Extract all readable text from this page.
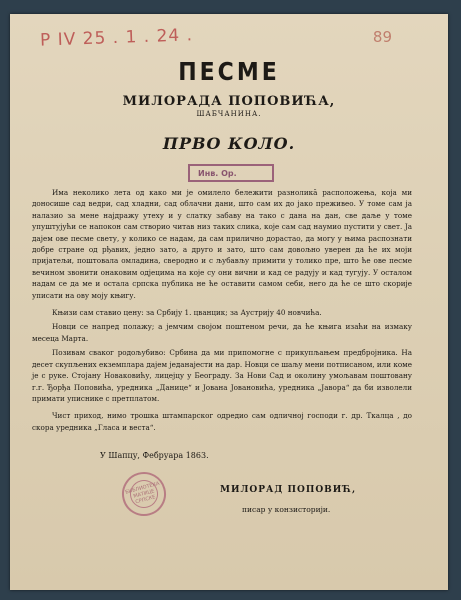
P IV 25 . 1 . 24 .	89
ПЕСМЕ
МИЛОРАДА ПОПОВИЋА,
ШАБЧАНИНА.
ПРВО КОЛО.
Инв. Ор.

Има неколико лета од како ми је омилело бележити разноликā расположења, која ми доносише сад ведри, сад хладни, сад облачни дани, што сам их до јако преживео. У томе сам ја налазио за мене најдражу утеху и у слатку забаву на тако с дана на дан, све даље у томе упуштујући се напокон сам створио читав низ таких слика, које сам сад наумио пустити у свет. Ја дајем ове песме свету, у колико се надам, да сам прилично дорастао, да могу у њима распознати добре стране од рђавих, једно зато, а друго и зато, што сам довољно уверен да ће их моји пријатељи, поштовала омладина, сверодно и с љубављу примити у толико пре, што ће ове песме вечином звонити онаковим одјецима на које су они вични и кад се радују и кад тугују. У осталом надам се да ме и остала српска публика не ће оставити самом себи, него да ће се што скорије уписати на ову моју књигу.

Књизи сам ставио цену: за Србију 1. цванцик; за Аустрију 40 новчића.

Новци се напред полажу; а јемчим својом поштеном речи, да ће књига изаћи на измаку месеца Марта.

Позивам сваког родољубиво: Србина да ми припомогне с прикупљањем предбројника. На десет скупљених екземплара дајем једанајести на дар. Новци се шаљу мени потписаном, или коме је с руке. Стојану Новаковићу, лицејцу у Београду. За Нови Сад и околину умољавам поштовану г.г. Ђорђа Поповића, уредника „Данице“ и Јована Јовановића, уредника „Јавора“ да би изволели примати уписнике с претплатом.

Чист приход, нимо трошка штампарског одредио сам одличној господи г. др. Ткалца , до скора уредника „Гласа и веста“.

У Шапцу, Фебруара 1863.
БИБЛИОТЕКА МАТИЦЕ СРПСКЕ
МИЛОРАД ПОПОВИЋ,
писар у конзисторији.
